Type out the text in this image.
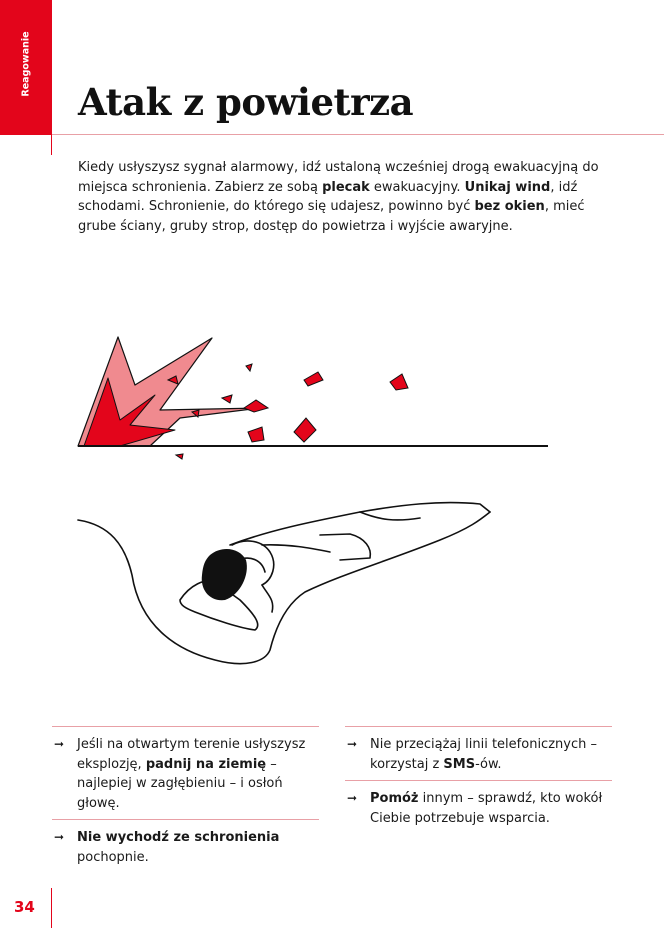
Reagowanie
Atak z powietrza

Kiedy usłyszysz sygnał alarmowy, idź ustaloną wcześniej drogą ewakuacyjną do miejsca schronienia. Zabierz ze sobą plecak ewakuacyjny. Unikaj wind, idź schodami. Schronienie, do którego się udajesz, powinno być bez okien, mieć grube ściany, gruby strop, dostęp do powietrza i wyjście awaryjne.

➞ Jeśli na otwartym terenie usłyszysz eksplozję, padnij na ziemię – najlepiej w zagłębieniu – i osłoń głowę.
➞ Nie wychodź ze schronienia pochopnie.
➞ Nie przeciążaj linii telefonicznych – korzystaj z SMS-ów.
➞ Pomóż innym – sprawdź, kto wokół Ciebie potrzebuje wsparcia.
34
